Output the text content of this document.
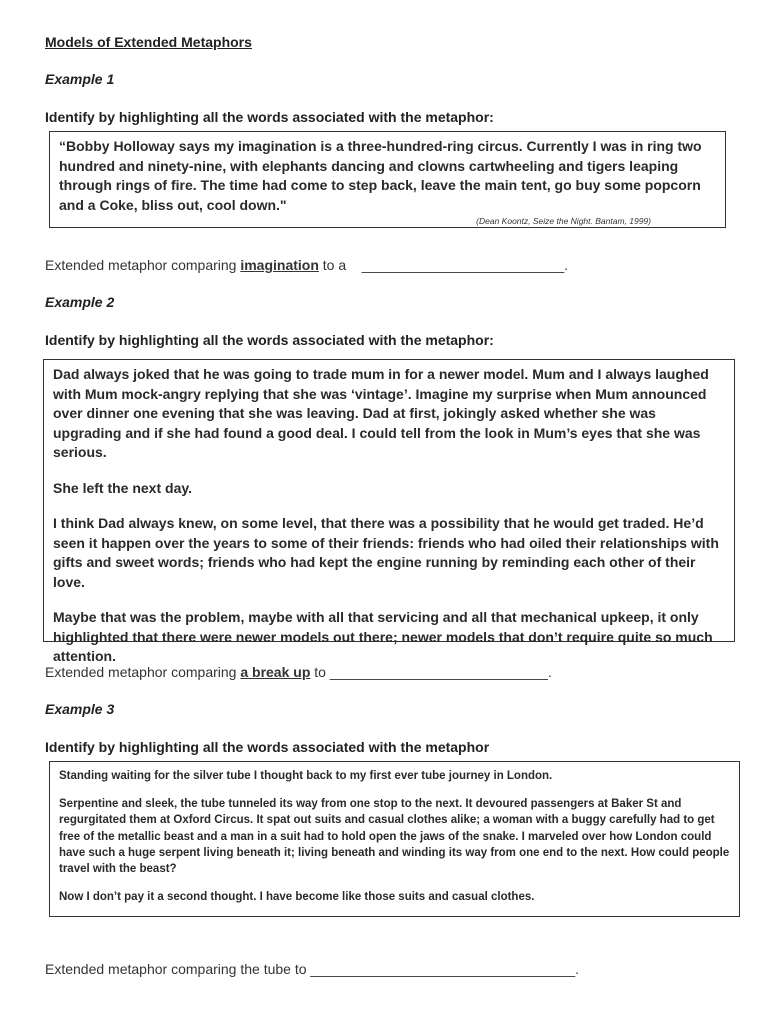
Models of Extended Metaphors
Example 1
Identify by highlighting all the words associated with the metaphor:

“Bobby Holloway says my imagination is a three-hundred-ring circus. Currently I was in ring two hundred and ninety-nine, with elephants dancing and clowns cartwheeling and tigers leaping through rings of fire. The time had come to step back, leave the main tent, go buy some popcorn and a Coke, bliss out, cool down."

(Dean Koontz, Seize the Night. Bantam, 1999)
Extended metaphor comparing imagination to a    __________________________.
Example 2
Identify by highlighting all the words associated with the metaphor:

Dad always joked that he was going to trade mum in for a newer model. Mum and I always laughed with Mum mock-angry replying that she was ‘vintage’. Imagine my surprise when Mum announced over dinner one evening that she was leaving. Dad at first, jokingly asked whether she was upgrading and if she had found a good deal. I could tell from the look in Mum’s eyes that she was serious.

She left the next day.

I think Dad always knew, on some level, that there was a possibility that he would get traded. He’d seen it happen over the years to some of their friends: friends who had oiled their relationships with gifts and sweet words; friends who had kept the engine running by reminding each other of their love.

Maybe that was the problem, maybe with all that servicing and all that mechanical upkeep, it only highlighted that there were newer models out there; newer models that don’t require quite so much attention.

Extended metaphor comparing a break up to ____________________________.
Example 3
Identify by highlighting all the words associated with the metaphor

Standing waiting for the silver tube I thought back to my first ever tube journey in London.

Serpentine and sleek, the tube tunneled its way from one stop to the next. It devoured passengers at Baker St and regurgitated them at Oxford Circus. It spat out suits and casual clothes alike; a woman with a buggy carefully had to get free of the metallic beast and a man in a suit had to hold open the jaws of the snake. I marveled over how London could have such a huge serpent living beneath it; living beneath and winding its way from one end to the next. How could people travel with the beast?

Now I don’t pay it a second thought. I have become like those suits and casual clothes.

Extended metaphor comparing the tube to __________________________________.
